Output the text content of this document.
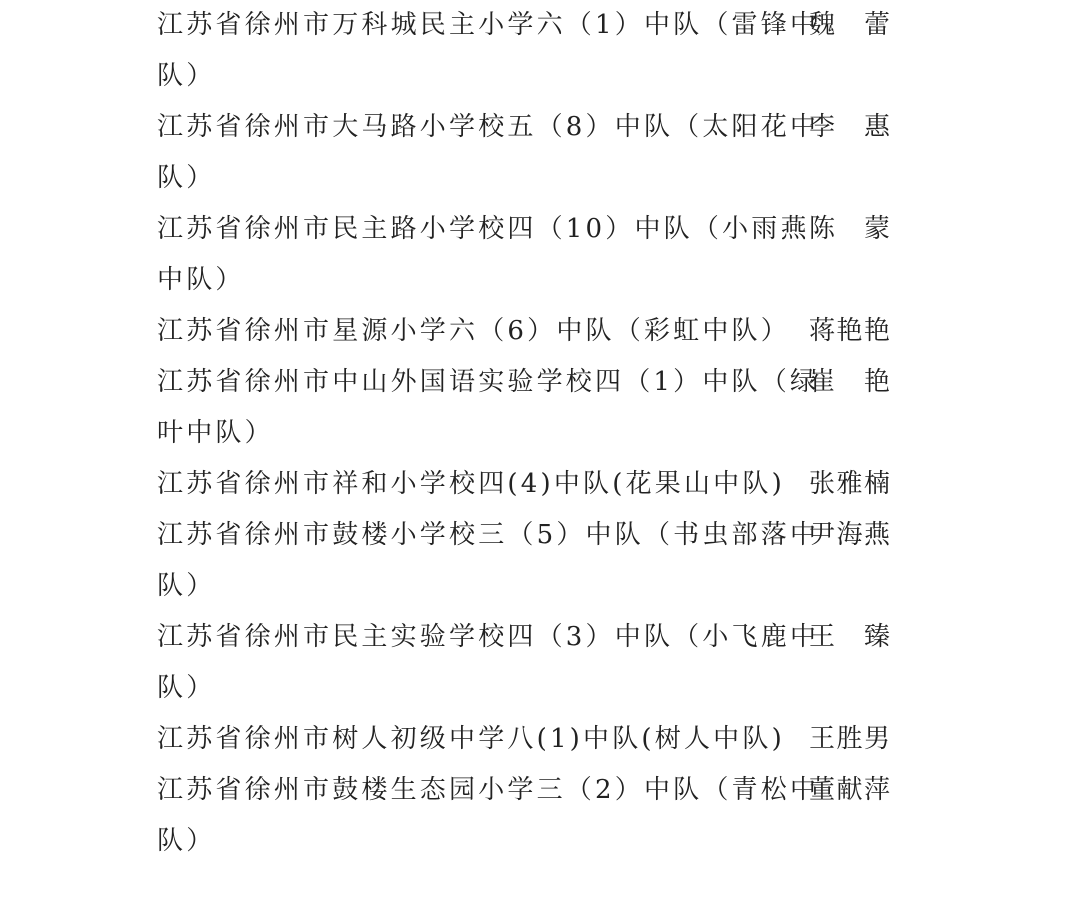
江苏省徐州市万科城民主小学六（1）中队（雷锋中
队）
魏　蕾
江苏省徐州市大马路小学校五（8）中队（太阳花中
队）
李　惠
江苏省徐州市民主路小学校四（10）中队（小雨燕
中队）
陈　蒙
江苏省徐州市星源小学六（6）中队（彩虹中队） 蒋艳艳
江苏省徐州市中山外国语实验学校四（1）中队（绿
叶中队）
崔　艳
江苏省徐州市祥和小学校四(4)中队(花果山中队) 张雅楠
江苏省徐州市鼓楼小学校三（5）中队（书虫部落中
队）
尹海燕
江苏省徐州市民主实验学校四（3）中队（小飞鹿中
队）
王　臻
江苏省徐州市树人初级中学八(1)中队(树人中队) 王胜男
江苏省徐州市鼓楼生态园小学三（2）中队（青松中
队）
董献萍
